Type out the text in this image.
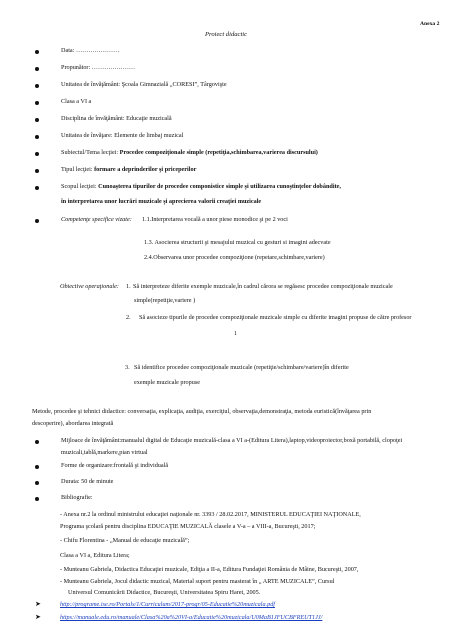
Anexa 2
Proiect didactic
Data: …………………
Propunător: …………………
Unitatea de învăţământ: Şcoala Gimnazială „CORESI”, Târgovişte
Clasa a VI a
Disciplina de învăţământ: Educaţie muzicală
Unitatea de învăţare: Elemente de limbaj muzical
Subiectul/Tema lecţiei: Procedee compoziţionale simple (repetiţia,schimbarea,varierea discursului)
Tipul lecţiei: formare a deprinderilor şi priceperilor
Scopul lecţiei: Cunoaşterea tipurilor de procedee componistice simple şi utilizarea cunoştinţelor dobândite,
în interpretarea unor lucrări muzicale şi aprecierea valorii creaţiei muzicale
Competenţe specifice vizate: 1.1.Interpretarea vocală a unor piese monodice şi pe 2 voci
1.3. Asocierea structurii şi mesajului muzical cu gesturi si imagini adecvate
2.4.Observarea unor procedee compoziţione (repetare,schimbare,variere)
Obiective operaţionale: 1. Să interpreteze diferite exemple muzicale,în cadrul cărora se regăsesc procedee compoziţionale muzicale
simple(repetiţie,variere )
2. Să asocieze tipurile de procedee compoziţionale muzicale simple cu diferite imagini propuse de către profesor
1
3. Să identifice procedee compoziţionale muzicale (repetiţie/schimbare/variere)în diferite
exemple muzicale propuse
Metode, procedee şi tehnici didactice: conversaţia, explicaţia, audiţia, exerciţiul, observaţia,demonstraţia, metoda euristică(învăţarea prin
descoperire), abordarea integrată
Mijloace de învăţământ:manualul digital de Educaţie muzicală-clasa a VI a-(Editura Litera),laptop,videoproiector,boxă portabilă, clopoţei
muzicali,tablă,markere,pian virtual
Forme de organizare:frontală şi individuală
Durata: 50 de minute
Bibliografie:
- Anexa nr.2 la ordinul ministrului educaţiei naţionale nr. 3393 / 28.02.2017, MINISTERUL EDUCAŢIEI NAŢIONALE,
Programa şcolară pentru disciplina EDUCAŢIE MUZICALĂ clasele a V-a – a VIII-a, Bucureşti, 2017;
- Chifu Florentina - „Manual de educaţie muzicală”;
Clasa a VI a, Editura Litera;
- Munteanu Gabriela, Didactica Educaţiei muzicale, Ediţia a II-a, Editura Fundaţiei România de Mâine, Bucureşti, 2007,
- Munteanu Gabriela, Jocul didactic muzical, Material suport pentru masterat în „ ARTE MUZICALE”, Cursul
Universul Comunicării Didactice, Bucureşti, Universitatea Spiru Haret, 2005.
➤	http://programe.ise.ro/Portals/1/Curriculum/2017-progr/05-Educatie%20muzicala.pdf
➤	https://manuale.edu.ro/manuale/Clasa%20a%20VI-a/Educatie%20muzicala/U0MaB1JFUCBFREUT1JJ/
